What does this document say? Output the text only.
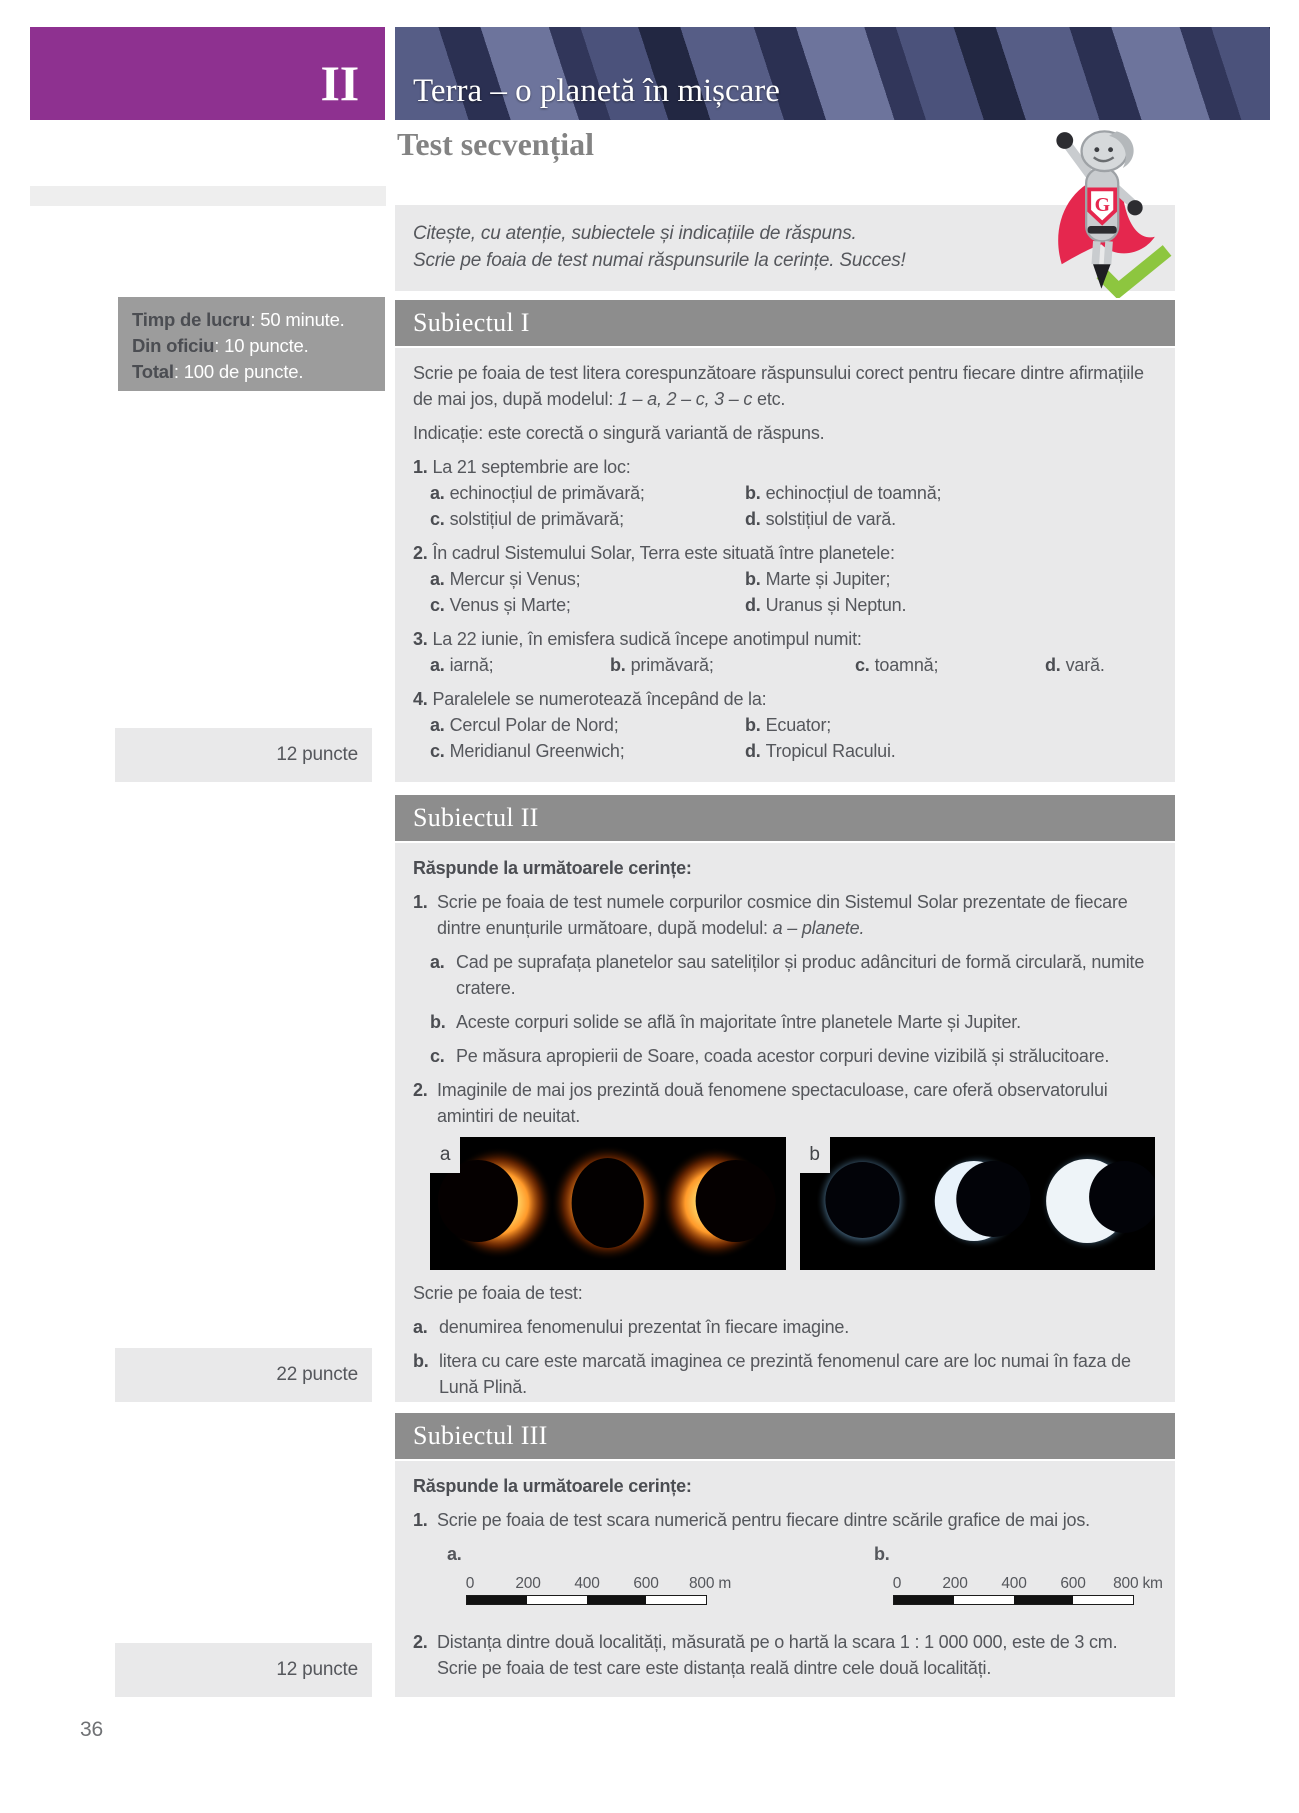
II Terra – o planetă în mișcare
Test secvențial

Citește, cu atenție, subiectele și indicațiile de răspuns.

Scrie pe foaia de test numai răspunsurile la cerințe. Succes!

G

Timp de lucru: 50 minute.

Din oficiu: 10 puncte.

Total: 100 de puncte.

Subiectul I

Scrie pe foaia de test litera corespunzătoare răspunsului corect pentru fiecare dintre afirmațiile de mai jos, după modelul: 1 – a, 2 – c, 3 – c etc.

Indicație: este corectă o singură variantă de răspuns.

1. La 21 septembrie are loc:

a. echinocțiul de primăvară;	b. echinocțiul de toamnă;
c. solstițiul de primăvară;	d. solstițiul de vară.

2. În cadrul Sistemului Solar, Terra este situată între planetele:

a. Mercur și Venus;	b. Marte și Jupiter;
c. Venus și Marte;	d. Uranus și Neptun.

3. La 22 iunie, în emisfera sudică începe anotimpul numit:

a. iarnă;	b. primăvară;	c. toamnă;	d. vară.

4. Paralelele se numerotează începând de la:

a. Cercul Polar de Nord;	b. Ecuator;
c. Meridianul Greenwich;	d. Tropicul Racului.
12 puncte
Subiectul II

Răspunde la următoarele cerințe:

1. Scrie pe foaia de test numele corpurilor cosmice din Sistemul Solar prezentate de fiecare dintre enunțurile următoare, după modelul: a – planete.
a. Cad pe suprafața planetelor sau sateliților și produc adâncituri de formă circulară, numite cratere.
b. Aceste corpuri solide se află în majoritate între planetele Marte și Jupiter.
c. Pe măsura apropierii de Soare, coada acestor corpuri devine vizibilă și strălucitoare.
2. Imaginile de mai jos prezintă două fenomene spectaculoase, care oferă observatorului amintiri de neuitat.
a	b

Scrie pe foaia de test:

a. denumirea fenomenului prezentat în fiecare imagine.
b. litera cu care este marcată imaginea ce prezintă fenomenul care are loc numai în faza de Lună Plină.
22 puncte
Subiectul III

Răspunde la următoarele cerințe:

1. Scrie pe foaia de test scara numerică pentru fiecare dintre scările grafice de mai jos.

a.

0	200 400 600 800 m

b.

0	200 400 600 800 km
2. Distanța dintre două localități, măsurată pe o hartă la scara 1 : 1 000 000, este de 3 cm. Scrie pe foaia de test care este distanța reală dintre cele două localități.
12 puncte
36
